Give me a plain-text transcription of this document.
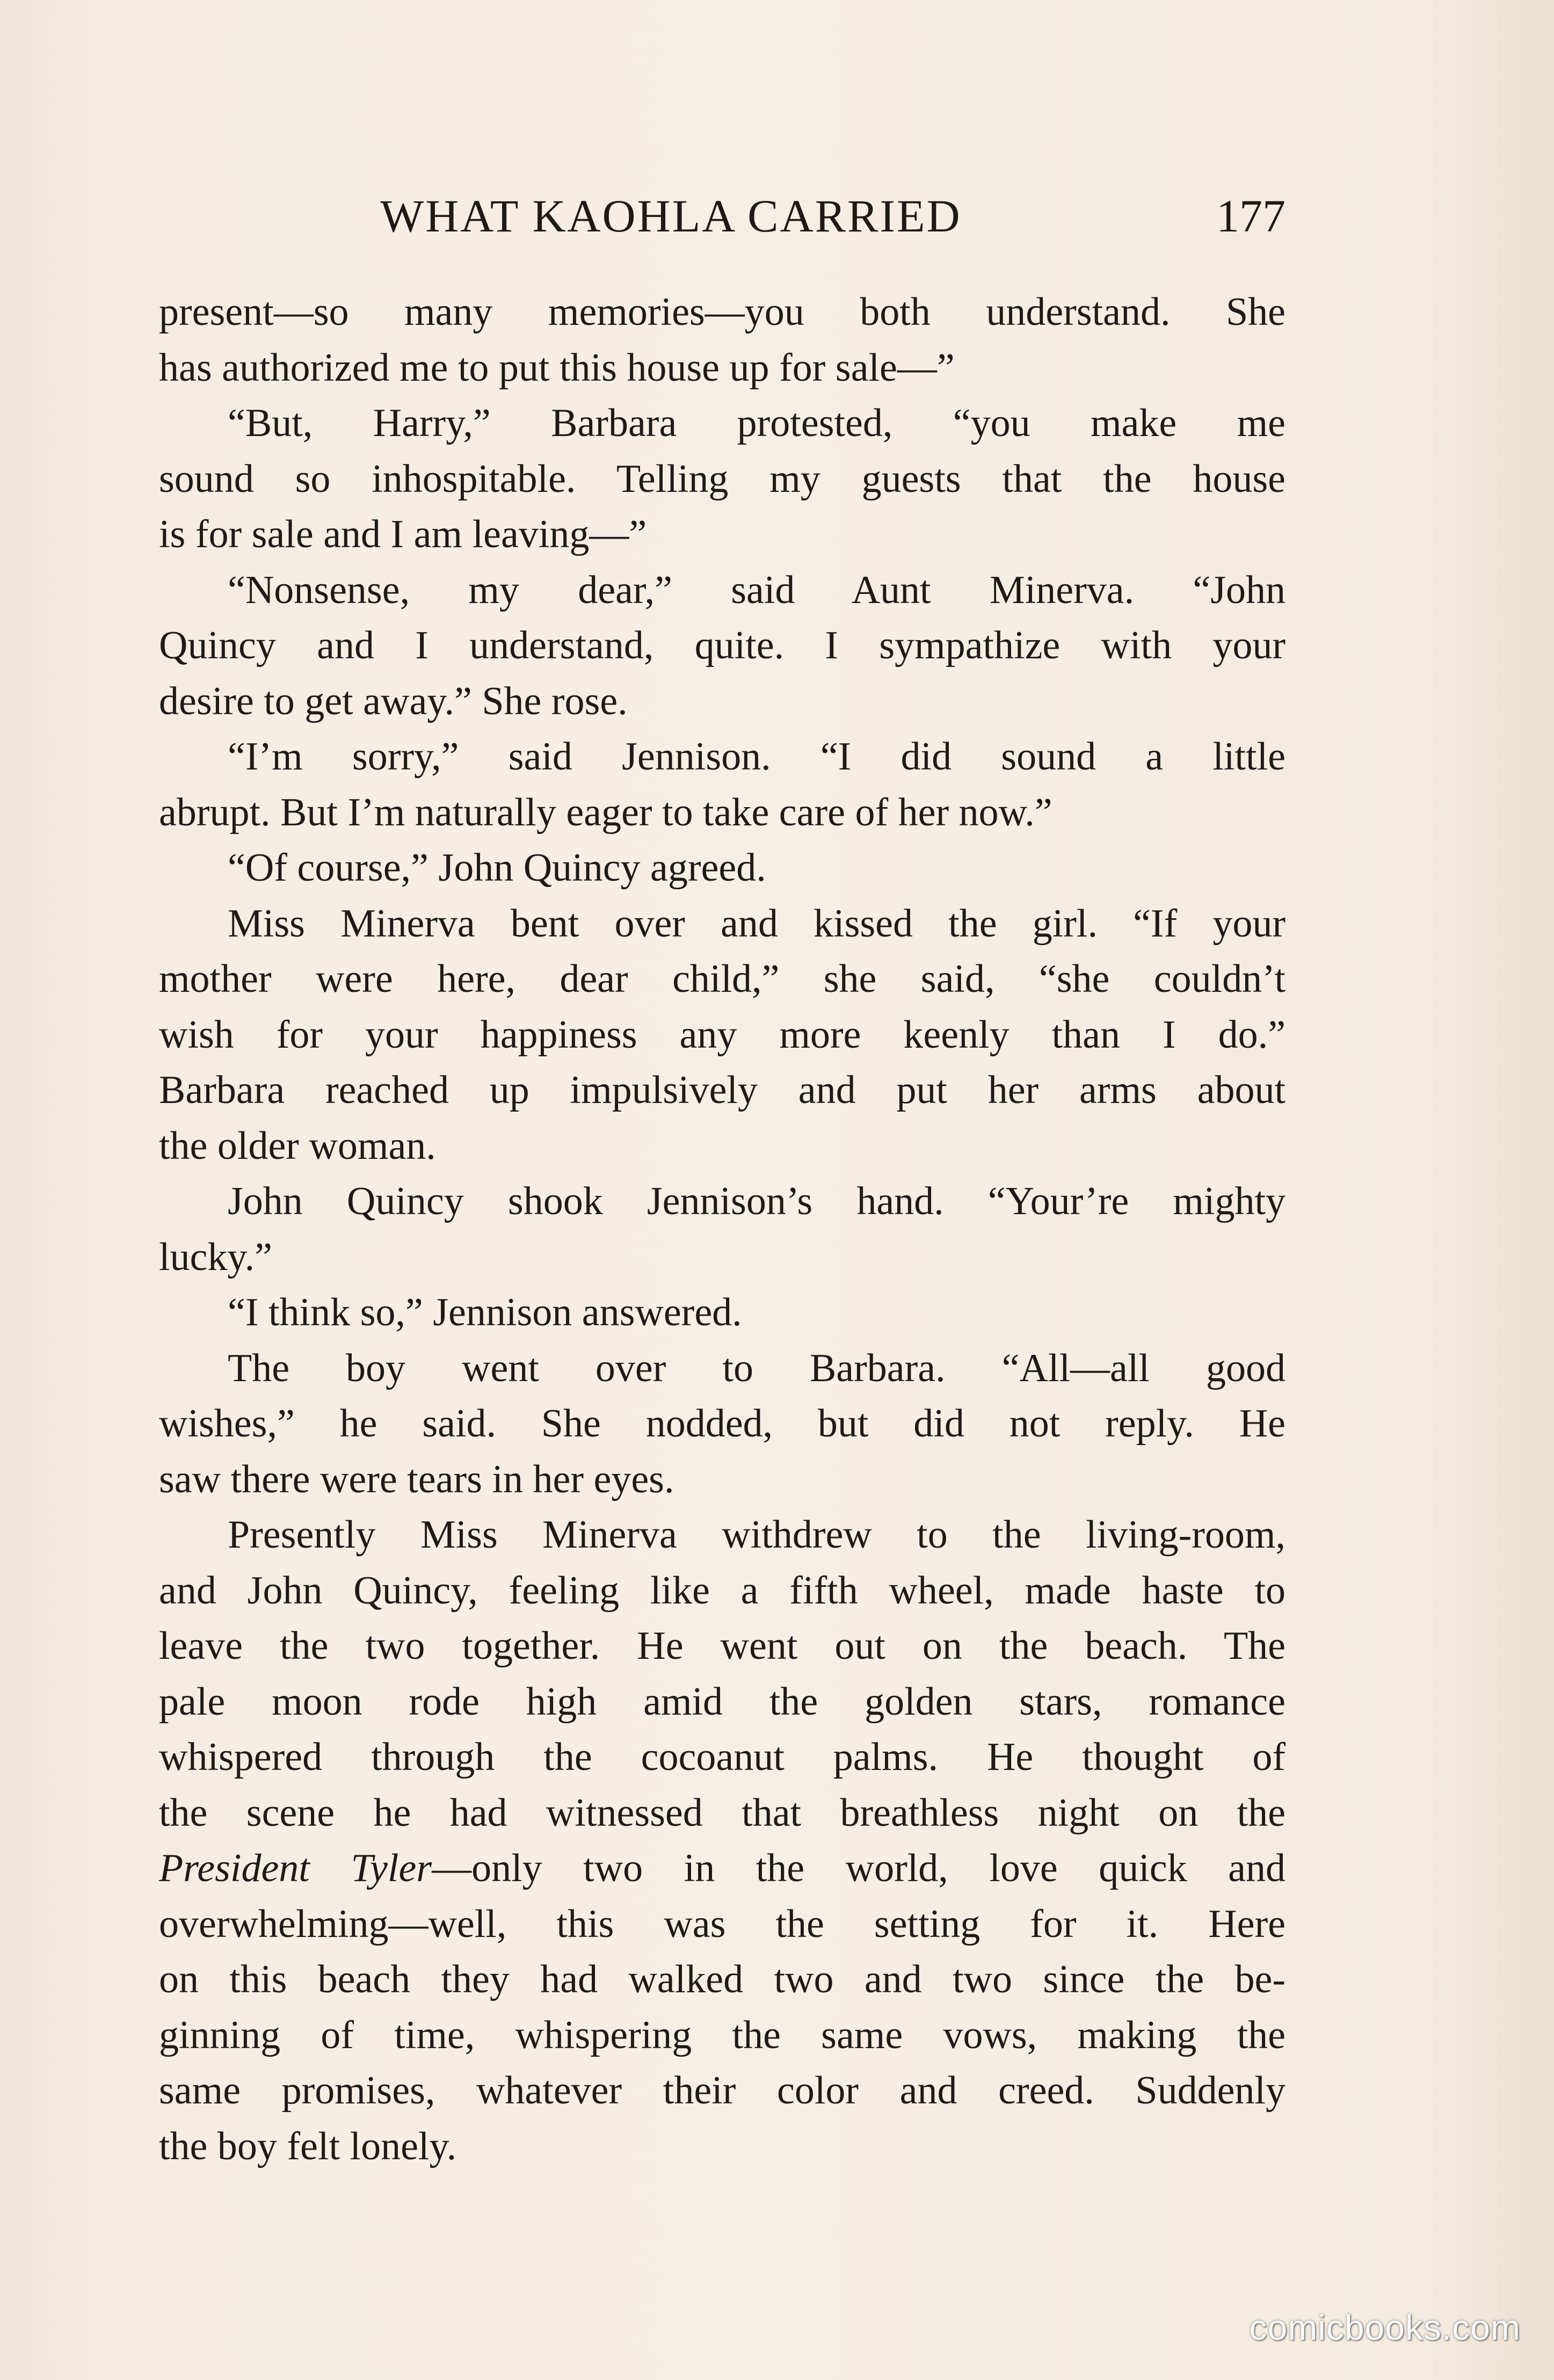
WHAT KAOHLA CARRIED	177
present—so many memories—you both understand. She
has authorized me to put this house up for sale—”
“But, Harry,” Barbara protested, “you make me
sound so inhospitable. Telling my guests that the house
is for sale and I am leaving—”
“Nonsense, my dear,” said Aunt Minerva. “John
Quincy and I understand, quite. I sympathize with your
desire to get away.” She rose.
“I’m sorry,” said Jennison. “I did sound a little
abrupt. But I’m naturally eager to take care of her now.”
“Of course,” John Quincy agreed.
Miss Minerva bent over and kissed the girl. “If your
mother were here, dear child,” she said, “she couldn’t
wish for your happiness any more keenly than I do.”
Barbara reached up impulsively and put her arms about
the older woman.
John Quincy shook Jennison’s hand. “Your’re mighty
lucky.”
“I think so,” Jennison answered.
The boy went over to Barbara. “All—all good
wishes,” he said. She nodded, but did not reply. He
saw there were tears in her eyes.
Presently Miss Minerva withdrew to the living-room,
and John Quincy, feeling like a fifth wheel, made haste to
leave the two together. He went out on the beach. The
pale moon rode high amid the golden stars, romance
whispered through the cocoanut palms. He thought of
the scene he had witnessed that breathless night on the
President Tyler—only two in the world, love quick and
overwhelming—well, this was the setting for it. Here
on this beach they had walked two and two since the be-
ginning of time, whispering the same vows, making the
same promises, whatever their color and creed. Suddenly
the boy felt lonely.
comicbooks.com
